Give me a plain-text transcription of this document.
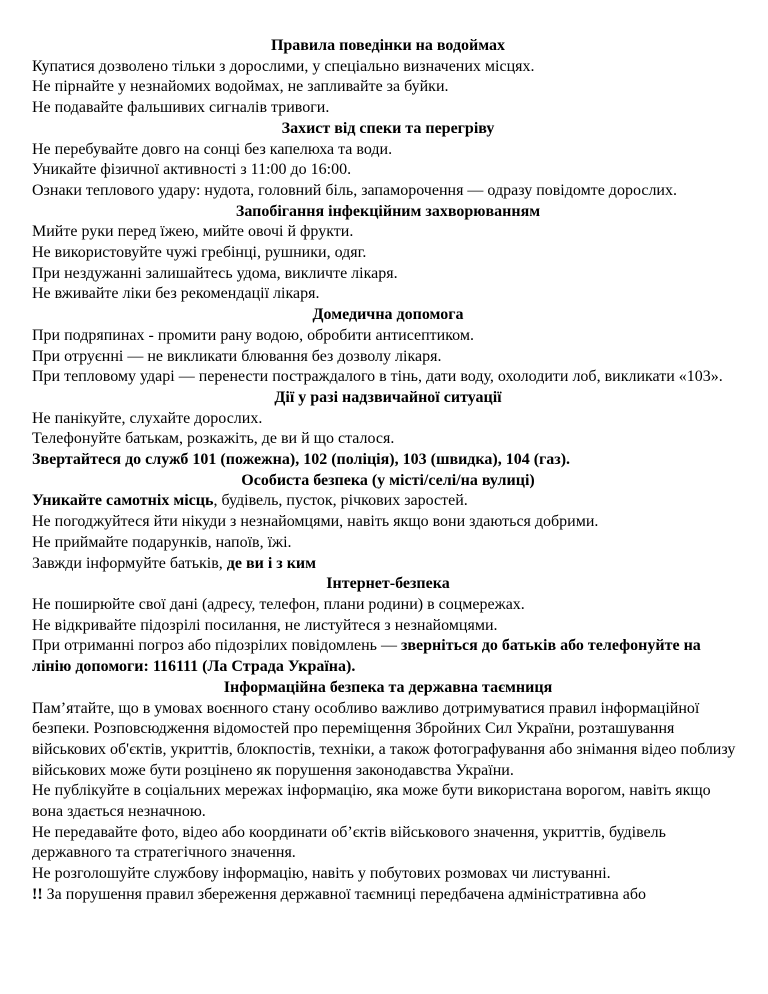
Правила поведінки на водоймах

Купатися дозволено тільки з дорослими, у спеціально визначених місцях.

Не пірнайте у незнайомих водоймах, не запливайте за буйки.

Не подавайте фальшивих сигналів тривоги.

Захист від спеки та перегріву

Не перебувайте довго на сонці без капелюха та води.

Уникайте фізичної активності з 11:00 до 16:00.

Ознаки теплового удару: нудота, головний біль, запаморочення — одразу повідомте дорослих.

Запобігання інфекційним захворюванням

Мийте руки перед їжею, мийте овочі й фрукти.

Не використовуйте чужі гребінці, рушники, одяг.

При нездужанні залишайтесь удома, викличте лікаря.

Не вживайте ліки без рекомендації лікаря.

Домедична допомога

При подряпинах - промити рану водою, обробити антисептиком.

При отруєнні — не викликати блювання без дозволу лікаря.

При тепловому ударі — перенести постраждалого в тінь, дати воду, охолодити лоб, викликати «103».

Дії у разі надзвичайної ситуації

Не панікуйте, слухайте дорослих.

Телефонуйте батькам, розкажіть, де ви й що сталося.

Звертайтеся до служб 101 (пожежна), 102 (поліція), 103 (швидка), 104 (газ).

Особиста безпека (у місті/селі/на вулиці)

Уникайте самотніх місць, будівель, пусток, річкових заростей.

Не погоджуйтеся йти нікуди з незнайомцями, навіть якщо вони здаються добрими.

Не приймайте подарунків, напоїв, їжі.

Завжди інформуйте батьків, де ви і з ким

Інтернет-безпека

Не поширюйте свої дані (адресу, телефон, плани родини) в соцмережах.

Не відкривайте підозрілі посилання, не листуйтеся з незнайомцями.

При отриманні погроз або підозрілих повідомлень — зверніться до батьків або телефонуйте на лінію допомоги: 116111 (Ла Страда Україна).

Інформаційна безпека та державна таємниця

Пам’ятайте, що в умовах воєнного стану особливо важливо дотримуватися правил інформаційної безпеки. Розповсюдження відомостей про переміщення Збройних Сил України, розташування військових об'єктів, укриттів, блокпостів, техніки, а також фотографування або знімання відео поблизу військових може бути розцінено як порушення законодавства України.

Не публікуйте в соціальних мережах інформацію, яка може бути використана ворогом, навіть якщо вона здається незначною.

Не передавайте фото, відео або координати об’єктів військового значення, укриттів, будівель державного та стратегічного значення.

Не розголошуйте службову інформацію, навіть у побутових розмовах чи листуванні.

!! За порушення правил збереження державної таємниці передбачена адміністративна або
